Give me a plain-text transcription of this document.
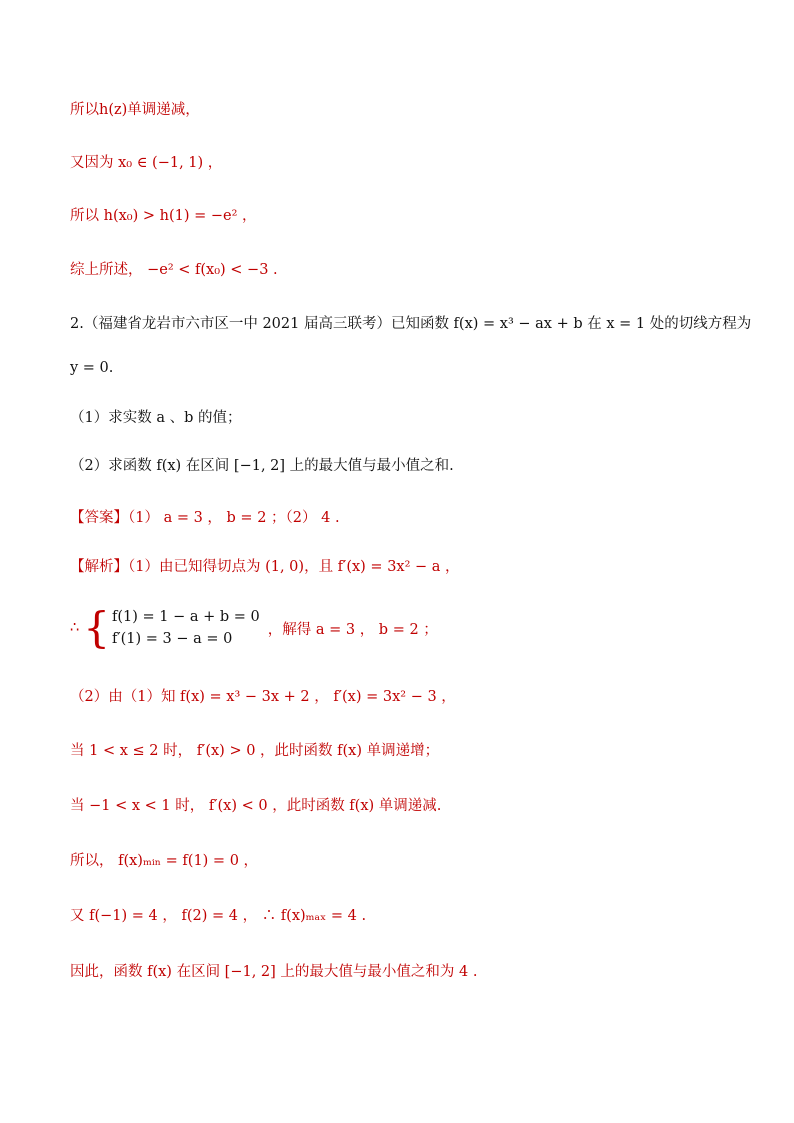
所以h(z)单调递减，
又因为 x₀ ∈ (−1, 1) ，
所以 h(x₀) > h(1) = −e² ，
综上所述， −e² < f(x₀) < −3 .
2.（福建省龙岩市六市区一中 2021 届高三联考）已知函数 f(x) = x³ − ax + b 在 x = 1 处的切线方程为
y = 0.
（1）求实数 a 、b 的值；
（2）求函数 f(x) 在区间 [−1, 2] 上的最大值与最小值之和.
【答案】（1） a = 3 ， b = 2 ；（2） 4 .
【解析】（1）由已知得切点为 (1, 0)，且 f′(x) = 3x² − a ，
∴ { f(1) = 1 − a + b = 0
f′(1) = 3 − a = 0
，解得 a = 3 ， b = 2 ；
（2）由（1）知 f(x) = x³ − 3x + 2 ， f′(x) = 3x² − 3 ，
当 1 < x ≤ 2 时， f′(x) > 0 ，此时函数 f(x) 单调递增；
当 −1 < x < 1 时， f′(x) < 0 ，此时函数 f(x) 单调递减.
所以， f(x)ₘᵢₙ = f(1) = 0 ，
又 f(−1) = 4 ， f(2) = 4 ， ∴ f(x)ₘₐₓ = 4 .
因此，函数 f(x) 在区间 [−1, 2] 上的最大值与最小值之和为 4 .
